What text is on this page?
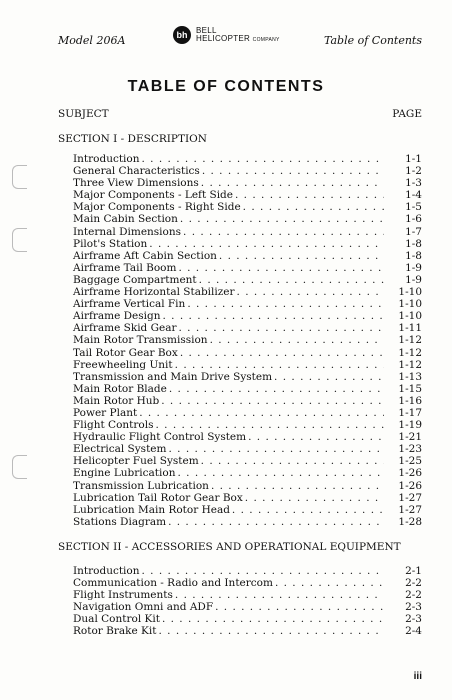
Model 206A	bh	BELL
HELICOPTER COMPANY	Table of Contents
TABLE OF CONTENTS
SUBJECT	PAGE
SECTION I - DESCRIPTION
Introduction . . .	1-1
General Characteristics . . .	1-2
Three View Dimensions . . .	1-3
Major Components - Left Side . . .	1-4
Major Components - Right Side . . .	1-5
Main Cabin Section . . .	1-6
Internal Dimensions . . .	1-7
Pilot's Station . . .	1-8
Airframe Aft Cabin Section . . .	1-8
Airframe Tail Boom . . .	1-9
Baggage Compartment . . .	1-9
Airframe Horizontal Stabilizer . . .	1-10
Airframe Vertical Fin . . .	1-10
Airframe Design . . .	1-10
Airframe Skid Gear . . .	1-11
Main Rotor Transmission . . .	1-12
Tail Rotor Gear Box . . .	1-12
Freewheeling Unit . . .	1-12
Transmission and Main Drive System . . .	1-13
Main Rotor Blade . . .	1-15
Main Rotor Hub . . .	1-16
Power Plant . . .	1-17
Flight Controls . . .	1-19
Hydraulic Flight Control System . . .	1-21
Electrical System . . .	1-23
Helicopter Fuel System . . .	1-25
Engine Lubrication . . .	1-26
Transmission Lubrication . . .	1-26
Lubrication Tail Rotor Gear Box . . .	1-27
Lubrication Main Rotor Head . . .	1-27
Stations Diagram . . .	1-28
SECTION II - ACCESSORIES AND OPERATIONAL EQUIPMENT
Introduction . . .	2-1
Communication - Radio and Intercom . . .	2-2
Flight Instruments . . .	2-2
Navigation Omni and ADF . . .	2-3
Dual Control Kit . . .	2-3
Rotor Brake Kit . . .	2-4
iii
